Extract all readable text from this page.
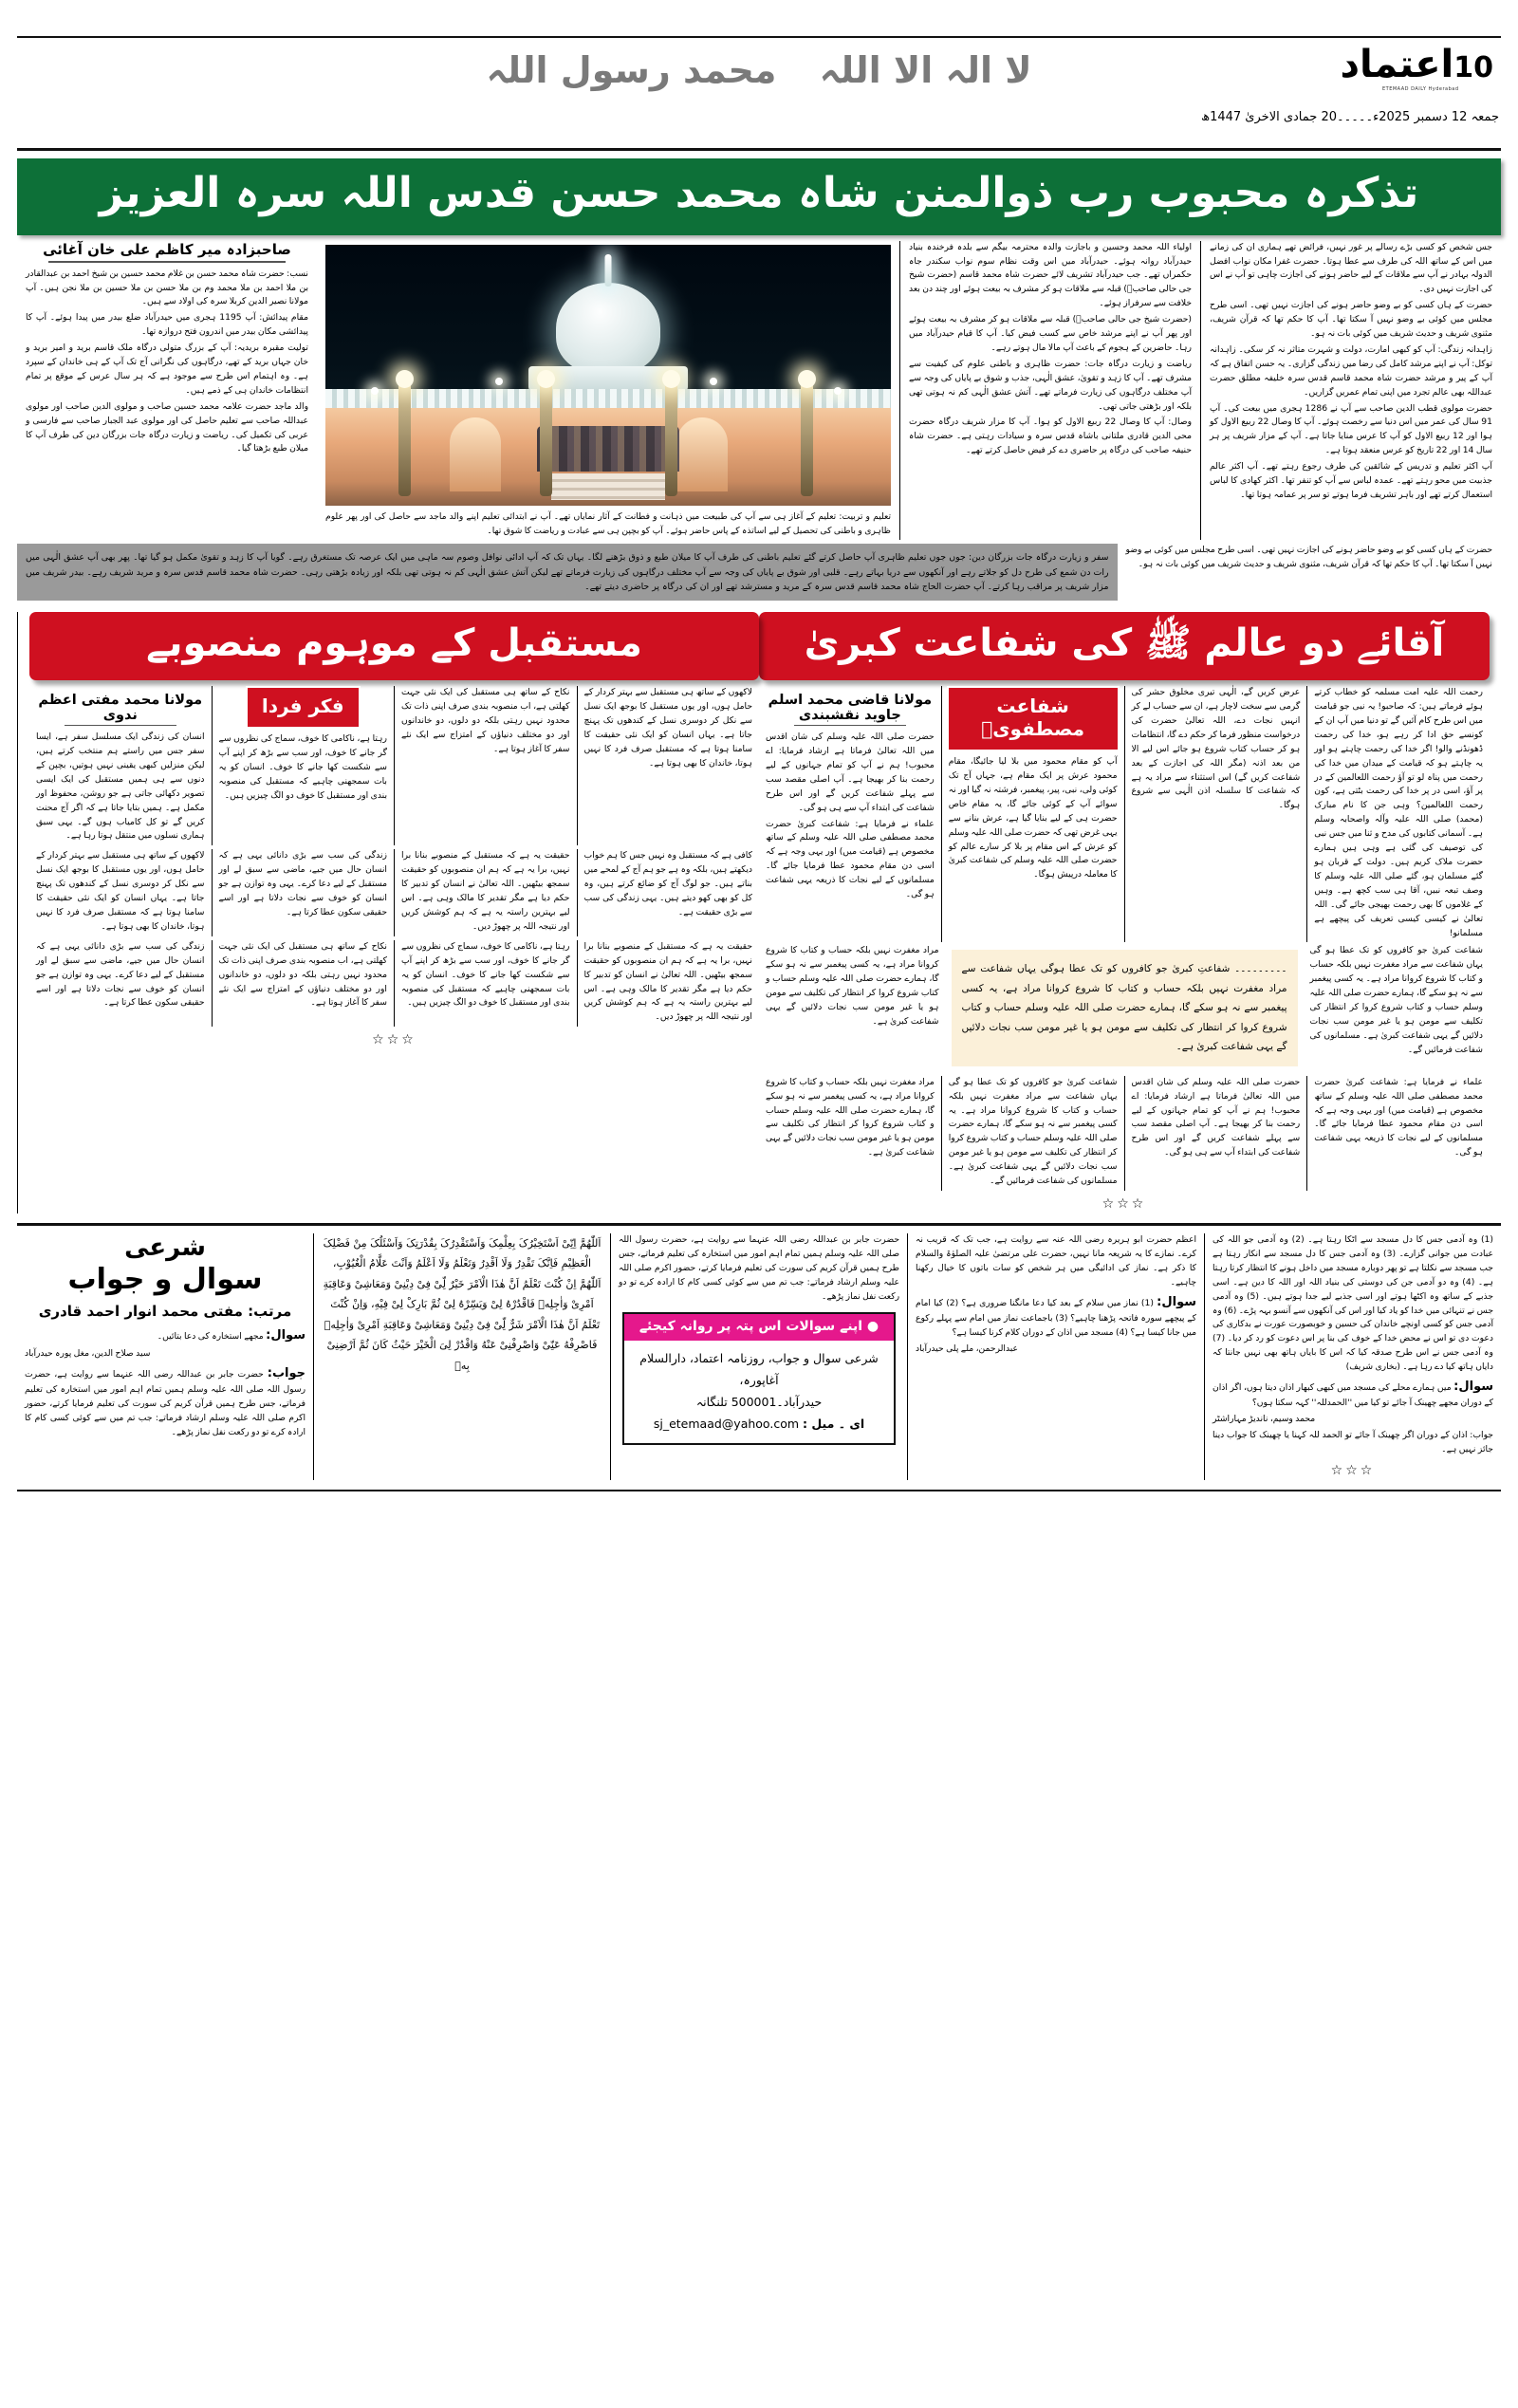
10اعتماد
ETEMAAD DAILY Hyderabad
لا الہ الا اللہ محمد رسول اللہ
جمعہ 12 دسمبر 2025ء۔۔۔۔۔20 جمادی الاخریٰ 1447ھ
تذکرہ محبوب رب ذوالمنن شاہ محمد حسن قدس اللہ سرہ العزیز

جس شخص کو کسی بڑے رسالے پر غور نہیں، فرائض تھے ہماری ان کی زمانے میں اس کے ساتھ اللہ کی طرف سے عطا ہوتا۔ حضرت غفرا مکان نواب افضل الدولہ بہادر نے آپ سے ملاقات کے لیے حاضر ہونے کی اجازت چاہی تو آپ نے اس کی اجازت نہیں دی۔

حضرت کے ہاں کسی کو بے وضو حاضر ہونے کی اجازت نہیں تھی۔ اسی طرح مجلس میں کوئی بے وضو نہیں آ سکتا تھا۔ آپ کا حکم تھا کہ قرآن شریف، مثنوی شریف و حدیث شریف میں کوئی بات نہ ہو۔

زاہدانہ زندگی: آپ کو کبھی امارت، دولت و شہرت متاثر نہ کر سکی۔ زاہدانہ توکل: آپ نے اپنے مرشد کامل کی رضا میں زندگی گزاری۔ یہ حسن اتفاق ہے کہ آپ کے پیر و مرشد حضرت شاہ محمد قاسم قدس سرہ خلیفہ مطلق حضرت عبداللہ بھی عالم تجرد میں اپنی تمام عمریں گزاریں۔

حضرت مولوی قطب الدین صاحب سے آپ نے 1286 ہجری میں بیعت کی۔ آپ 91 سال کی عمر میں اس دنیا سے رخصت ہوئے۔ آپ کا وصال 22 ربیع الاول کو ہوا اور 12 ربیع الاول کو آپ کا عرس منایا جاتا ہے۔ آپ کے مزار شریف پر ہر سال 14 اور 22 تاریخ کو عرس منعقد ہوتا ہے۔

آپ اکثر تعلیم و تدریس کے شائقین کی طرف رجوع رہتے تھے۔ آپ اکثر عالم جذبیت میں محو رہتے تھے۔ عمدہ لباس سے آپ کو تنفر تھا۔ اکثر کھادی کا لباس استعمال کرتے تھے اور باہر تشریف فرما ہوتے تو سر پر عمامہ ہوتا تھا۔

اولیاء اللہ محمد وحسین و باجازت والدہ محترمہ بیگم سے بلدہ فرخندہ بنیاد حیدرآباد روانہ ہوئے۔ حیدرآباد میں اس وقت نظام سوم نواب سکندر جاہ حکمراں تھے۔ جب حیدرآباد تشریف لائے حضرت شاہ محمد قاسم (حضرت شیخ جی حالی صاحبؒ) قبلہ سے ملاقات ہو کر مشرف بہ بیعت ہوئے اور چند دن بعد خلافت سے سرفراز ہوئے۔

(حضرت شیخ جی حالی صاحبؒ) قبلہ سے ملاقات ہو کر مشرف بہ بیعت ہوئے اور پھر آپ نے اپنے مرشد خاص سے کسب فیض کیا۔ آپ کا قیام حیدرآباد میں رہا۔ حاضرین کے ہجوم کے باعث آپ مالا مال ہوتے رہے۔

ریاضت و زیارت درگاہ جات: حضرت ظاہری و باطنی علوم کی کیفیت سے مشرف تھے۔ آپ کا زہد و تقویٰ، عشق الٰہی، جذب و شوق بے پایاں کی وجہ سے آپ مختلف درگاہوں کی زیارت فرماتے تھے۔ آتش عشق الٰہی کم نہ ہوتی تھی بلکہ اور بڑھتی جاتی تھی۔

وصال: آپ کا وصال 22 ربیع الاول کو ہوا۔ آپ کا مزار شریف درگاہ حضرت محی الدین قادری ملتانی باشاہ قدس سرہ و سیادات رہتی ہے۔ حضرت شاہ حنیفہ صاحب کی درگاہ پر حاضری دے کر فیض حاصل کرتے تھے۔

تعلیم و تربیت: تعلیم کے آغاز ہی سے آپ کی طبیعت میں ذہانت و فطانت کے آثار نمایاں تھے۔ آپ نے ابتدائی تعلیم اپنے والد ماجد سے حاصل کی اور پھر علوم ظاہری و باطنی کی تحصیل کے لیے اساتذہ کے پاس حاضر ہوئے۔ آپ کو بچپن ہی سے عبادت و ریاضت کا شوق تھا۔

صاحبزادہ میر کاظم علی خان آغائی

نسب: حضرت شاہ محمد حسن بن غلام محمد حسین بن شیخ احمد بن عبدالقادر بن ملا احمد بن ملا محمد وم بن ملا حسن بن ملا حسین بن ملا نجن ہیں۔ آپ مولانا نصیر الدین کربلا سرہ کی اولاد سے ہیں۔

مقام پیدائش: آپ 1195 ہجری میں حیدرآباد ضلع بیدر میں پیدا ہوئے۔ آپ کا پیدائشی مکان بیدر میں اندرون فتح دروازہ تھا۔

تولیت مقبرہ بریدیہ: آپ کے بزرگ متولی درگاہ ملک قاسم برید و امیر برید و خان جہاں برید کے تھے، درگاہوں کی نگرانی آج تک آپ کے ہی خاندان کے سپرد ہے۔ وہ اہتمام اس طرح سے موجود ہے کہ ہر سال عرس کے موقع پر تمام انتظامات خاندان ہی کے ذمے ہیں۔

والد ماجد حضرت علامہ محمد حسین صاحب و مولوی الدین صاحب اور مولوی عبداللہ صاحب سے تعلیم حاصل کی اور مولوی عبد الجبار صاحب سے فارسی و عربی کی تکمیل کی۔ ریاضت و زیارت درگاہ جات بزرگان دین کی طرف آپ کا میلان طبع بڑھتا گیا۔

حضرت کے ہاں کسی کو بے وضو حاضر ہونے کی اجازت نہیں تھی۔ اسی طرح مجلس میں کوئی بے وضو نہیں آ سکتا تھا۔ آپ کا حکم تھا کہ قرآن شریف، مثنوی شریف و حدیث شریف میں کوئی بات نہ ہو۔

سفر و زیارت درگاہ جات بزرگان دین: جوں جوں تعلیم ظاہری آپ حاصل کرتے گئے تعلیم باطنی کی طرف آپ کا میلان طبع و ذوق بڑھنے لگا۔ یہاں تک کہ آپ ادائی نوافل وصوم سہ ماہی میں ایک عرصہ تک مستغرق رہے۔ گویا آپ کا زہد و تقویٰ مکمل ہو گیا تھا۔ پھر بھی آپ عشق الٰہی میں رات دن شمع کی طرح دل کو جلاتے رہے اور آنکھوں سے دریا بہاتے رہے۔ قلبی اور شوق بے پایاں کی وجہ سے آپ مختلف درگاہوں کی زیارت فرماتے تھے لیکن آتش عشق الٰہی کم نہ ہوتی تھی بلکہ اور زیادہ بڑھتی رہی۔ حضرت شاہ محمد قاسم قدس سرہ و مرید شریف رہے۔ بیدر شریف میں مزار شریف پر مراقب رہا کرتے۔ آپ حضرت الحاج شاہ محمد قاسم قدس سرہ کے مرید و مسترشد تھے اور ان کی درگاہ پر حاضری دیتے تھے۔
آقائے دو عالم ﷺ کی شفاعت کبریٰ

رحمت اللہ علیہ امت مسلمہ کو خطاب کرتے ہوئے فرماتے ہیں: کہ صاحبو! یہ نبی جو قیامت میں اس طرح کام آئیں گے تو دنیا میں آپ ان کے کونسے حق ادا کر رہے ہو، خدا کی رحمت ڈھونڈنے والو! اگر خدا کی رحمت چاہتے ہو اور یہ چاہتے ہو کہ قیامت کے میدان میں خدا کی رحمت میں پناہ لو تو آؤ رحمت اللعالمین کے در پر آؤ، اسی در پر خدا کی رحمت بٹتی ہے، کون رحمت اللعالمین؟ وہی جن کا نام مبارک (محمد) صلی اللہ علیہ وآلہ واصحابہ وسلم ہے۔ آسمانی کتابوں کی مدح و ثنا میں جس نبی کی توصیف کی گئی ہے وہی ہیں ہمارے حضرت ملاک کریم ہیں۔ دولت کے قربان ہو گئے مسلمان ہو، گئے صلی اللہ علیہ وسلم کا وصف تبعہ نبیں، آقا ہی سب کچھ ہے۔ وہیں کے غلاموں کا بھی رحمت بھیجی جائے گی۔ اللہ تعالیٰ نے کیسی کیسی تعریف کی پیچھے ہے مسلمانو!

عرض کریں گے، الٰہی تیری مخلوق حشر کی گرمی سے سخت لاچار ہے، ان سے حساب لے کر انہیں نجات دے، اللہ تعالیٰ حضرت کی درخواست منظور فرما کر حکم دے گا، انتظامات ہو کر حساب کتاب شروع ہو جائے اس لیے الا من بعد اذنہ (مگر اللہ کی اجازت کے بعد شفاعت کریں گے) اس استثناء سے مراد یہ ہے کہ شفاعت کا سلسلہ اذن الٰہی سے شروع ہوگا۔

شفاعت مصطفویؐ

آپ کو مقام محمود میں بلا لیا جائیگا، مقام محمود عرش پر ایک مقام ہے، جہاں آج تک کوئی ولی، نبی، پیر، پیغمبر، فرشتہ نہ گیا اور نہ سوائے آپ کے کوئی جائے گا، یہ مقام خاص حضرت ہی کے لیے بنایا گیا ہے، عرش بنانے سے یہی غرض تھی کہ حضرت صلی اللہ علیہ وسلم کو عرش کے اس مقام پر بلا کر سارے عالم کو حضرت صلی اللہ علیہ وسلم کی شفاعت کبریٰ کا معاملہ درپیش ہوگا۔

مولانا قاضی محمد اسلم جاوید نقشبندی

حضرت صلی اللہ علیہ وسلم کی شان اقدس میں اللہ تعالیٰ فرماتا ہے ارشاد فرمایا: اے محبوب! ہم نے آپ کو تمام جہانوں کے لیے رحمت بنا کر بھیجا ہے۔ آپ اصلی مقصد سب سے پہلے شفاعت کریں گے اور اس طرح شفاعت کی ابتداء آپ سے ہی ہو گی۔

علماء نے فرمایا ہے: شفاعت کبریٰ حضرت محمد مصطفی صلی اللہ علیہ وسلم کے ساتھ مخصوص ہے (قیامت میں) اور یہی وجہ ہے کہ اسی دن مقام محمود عطا فرمایا جائے گا۔ مسلمانوں کے لیے نجات کا ذریعہ یہی شفاعت ہو گی۔

شفاعت کبریٰ جو کافروں کو تک عطا ہو گی یہاں شفاعت سے مراد مغفرت نہیں بلکہ حساب و کتاب کا شروع کروانا مراد ہے۔ یہ کسی پیغمبر سے نہ ہو سکے گا، ہمارے حضرت صلی اللہ علیہ وسلم حساب و کتاب شروع کروا کر انتظار کی تکلیف سے مومن ہو یا غیر مومن سب نجات دلائیں گے یہی شفاعت کبریٰ ہے۔ مسلمانوں کی شفاعت فرمائیں گے۔

۔۔۔۔۔۔۔۔۔ شفاعتِ کبریٰ جو کافروں کو تک عطا ہوگی یہاں شفاعت سے مراد مغفرت نہیں بلکہ حساب و کتاب کا شروع کروانا مراد ہے، یہ کسی پیغمبر سے نہ ہو سکے گا، ہمارے حضرت صلی اللہ علیہ وسلم حساب و کتاب شروع کروا کر انتظار کی تکلیف سے مومن ہو یا غیر مومن سب نجات دلائیں گے یہی شفاعت کبریٰ ہے۔

مراد مغفرت نہیں بلکہ حساب و کتاب کا شروع کروانا مراد ہے، یہ کسی پیغمبر سے نہ ہو سکے گا، ہمارے حضرت صلی اللہ علیہ وسلم حساب و کتاب شروع کروا کر انتظار کی تکلیف سے مومن ہو یا غیر مومن سب نجات دلائیں گے یہی شفاعت کبریٰ ہے۔

علماء نے فرمایا ہے: شفاعت کبریٰ حضرت محمد مصطفی صلی اللہ علیہ وسلم کے ساتھ مخصوص ہے (قیامت میں) اور یہی وجہ ہے کہ اسی دن مقام محمود عطا فرمایا جائے گا۔ مسلمانوں کے لیے نجات کا ذریعہ یہی شفاعت ہو گی۔

حضرت صلی اللہ علیہ وسلم کی شان اقدس میں اللہ تعالیٰ فرماتا ہے ارشاد فرمایا: اے محبوب! ہم نے آپ کو تمام جہانوں کے لیے رحمت بنا کر بھیجا ہے۔ آپ اصلی مقصد سب سے پہلے شفاعت کریں گے اور اس طرح شفاعت کی ابتداء آپ سے ہی ہو گی۔

شفاعت کبریٰ جو کافروں کو تک عطا ہو گی یہاں شفاعت سے مراد مغفرت نہیں بلکہ حساب و کتاب کا شروع کروانا مراد ہے۔ یہ کسی پیغمبر سے نہ ہو سکے گا، ہمارے حضرت صلی اللہ علیہ وسلم حساب و کتاب شروع کروا کر انتظار کی تکلیف سے مومن ہو یا غیر مومن سب نجات دلائیں گے یہی شفاعت کبریٰ ہے۔ مسلمانوں کی شفاعت فرمائیں گے۔

مراد مغفرت نہیں بلکہ حساب و کتاب کا شروع کروانا مراد ہے، یہ کسی پیغمبر سے نہ ہو سکے گا، ہمارے حضرت صلی اللہ علیہ وسلم حساب و کتاب شروع کروا کر انتظار کی تکلیف سے مومن ہو یا غیر مومن سب نجات دلائیں گے یہی شفاعت کبریٰ ہے۔

☆☆☆
مستقبل کے موہوم منصوبے

لاکھوں کے ساتھ ہی مستقبل سے بہتر کردار کے حامل ہوں، اور یوں مستقبل کا بوجھ ایک نسل سے نکل کر دوسری نسل کے کندھوں تک پہنچ جاتا ہے۔ یہاں انسان کو ایک نئی حقیقت کا سامنا ہوتا ہے کہ مستقبل صرف فرد کا نہیں ہوتا، خاندان کا بھی ہوتا ہے۔

نکاح کے ساتھ ہی مستقبل کی ایک نئی جہت کھلتی ہے، اب منصوبہ بندی صرف اپنی ذات تک محدود نہیں رہتی بلکہ دو دلوں، دو خاندانوں اور دو مختلف دنیاؤں کے امتزاج سے ایک نئے سفر کا آغاز ہوتا ہے۔

فکر فردا

رہتا ہے، ناکامی کا خوف، سماج کی نظروں سے گر جانے کا خوف، اور سب سے بڑھ کر اپنے آپ سے شکست کھا جانے کا خوف۔ انسان کو یہ بات سمجھنی چاہیے کہ مستقبل کی منصوبہ بندی اور مستقبل کا خوف دو الگ چیزیں ہیں۔

مولانا محمد مفتی اعظم ندوی

انسان کی زندگی ایک مسلسل سفر ہے، ایسا سفر جس میں راستے ہم منتخب کرتے ہیں، لیکن منزلیں کبھی یقینی نہیں ہوتیں، بچپن کے دنوں سے ہی ہمیں مستقبل کی ایک ایسی تصویر دکھائی جاتی ہے جو روشن، محفوظ اور مکمل ہے۔ ہمیں بتایا جاتا ہے کہ اگر آج محنت کریں گے تو کل کامیاب ہوں گے۔ یہی سبق ہماری نسلوں میں منتقل ہوتا رہا ہے۔

کافی ہے کہ مستقبل وہ نہیں جس کا ہم خواب دیکھتے ہیں، بلکہ وہ ہے جو ہم آج کے لمحے میں بناتے ہیں۔ جو لوگ آج کو ضائع کرتے ہیں، وہ کل کو بھی کھو دیتے ہیں۔ یہی زندگی کی سب سے بڑی حقیقت ہے۔

حقیقت یہ ہے کہ مستقبل کے منصوبے بنانا برا نہیں، برا یہ ہے کہ ہم ان منصوبوں کو حقیقت سمجھ بیٹھیں۔ اللہ تعالیٰ نے انسان کو تدبیر کا حکم دیا ہے مگر تقدیر کا مالک وہی ہے۔ اس لیے بہترین راستہ یہ ہے کہ ہم کوشش کریں اور نتیجہ اللہ پر چھوڑ دیں۔

زندگی کی سب سے بڑی دانائی یہی ہے کہ انسان حال میں جیے، ماضی سے سبق لے اور مستقبل کے لیے دعا کرے۔ یہی وہ توازن ہے جو انسان کو خوف سے نجات دلاتا ہے اور اسے حقیقی سکون عطا کرتا ہے۔

لاکھوں کے ساتھ ہی مستقبل سے بہتر کردار کے حامل ہوں، اور یوں مستقبل کا بوجھ ایک نسل سے نکل کر دوسری نسل کے کندھوں تک پہنچ جاتا ہے۔ یہاں انسان کو ایک نئی حقیقت کا سامنا ہوتا ہے کہ مستقبل صرف فرد کا نہیں ہوتا، خاندان کا بھی ہوتا ہے۔

حقیقت یہ ہے کہ مستقبل کے منصوبے بنانا برا نہیں، برا یہ ہے کہ ہم ان منصوبوں کو حقیقت سمجھ بیٹھیں۔ اللہ تعالیٰ نے انسان کو تدبیر کا حکم دیا ہے مگر تقدیر کا مالک وہی ہے۔ اس لیے بہترین راستہ یہ ہے کہ ہم کوشش کریں اور نتیجہ اللہ پر چھوڑ دیں۔

رہتا ہے، ناکامی کا خوف، سماج کی نظروں سے گر جانے کا خوف، اور سب سے بڑھ کر اپنے آپ سے شکست کھا جانے کا خوف۔ انسان کو یہ بات سمجھنی چاہیے کہ مستقبل کی منصوبہ بندی اور مستقبل کا خوف دو الگ چیزیں ہیں۔

نکاح کے ساتھ ہی مستقبل کی ایک نئی جہت کھلتی ہے، اب منصوبہ بندی صرف اپنی ذات تک محدود نہیں رہتی بلکہ دو دلوں، دو خاندانوں اور دو مختلف دنیاؤں کے امتزاج سے ایک نئے سفر کا آغاز ہوتا ہے۔

زندگی کی سب سے بڑی دانائی یہی ہے کہ انسان حال میں جیے، ماضی سے سبق لے اور مستقبل کے لیے دعا کرے۔ یہی وہ توازن ہے جو انسان کو خوف سے نجات دلاتا ہے اور اسے حقیقی سکون عطا کرتا ہے۔

☆☆☆

(1) وہ آدمی جس کا دل مسجد سے اٹکا رہتا ہے۔ (2) وہ آدمی جو اللہ کی عبادت میں جوانی گزارے۔ (3) وہ آدمی جس کا دل مسجد سے انکار رہتا ہے جب مسجد سے نکلتا ہے تو پھر دوبارہ مسجد میں داخل ہونے کا انتظار کرتا رہتا ہے۔ (4) وہ دو آدمی جن کی دوستی کی بنیاد اللہ اور اللہ کا دین ہے۔ اسی جذبے کے ساتھ وہ اکٹھا ہوتے اور اسی جذبے لیے جدا ہوتے ہیں۔ (5) وہ آدمی جس نے تنہائی میں خدا کو یاد کیا اور اس کی آنکھوں سے آنسو بہہ پڑے۔ (6) وہ آدمی جس کو کسی اونچے خاندان کی حسین و خوبصورت عورت نے بدکاری کی دعوت دی تو اس نے محض خدا کے خوف کی بنا پر اس دعوت کو رد کر دیا۔ (7) وہ آدمی جس نے اس طرح صدقہ کیا کہ اس کا بایاں ہاتھ بھی نہیں جانتا کہ دایاں ہاتھ کیا دے رہا ہے۔ (بخاری شریف)

سوال: میں ہمارے محلے کی مسجد میں کبھی کبھار اذان دیتا ہوں، اگر اذان کے دوران مجھے چھینک آ جائے تو کیا میں ''الحمدللہ'' کہہ سکتا ہوں؟

محمد وسیم، ناندیڑ مہاراشٹر

جواب: اذان کے دوران اگر چھینک آ جائے تو الحمد للہ کہنا یا چھینک کا جواب دینا جائز نہیں ہے۔

☆☆☆

اعظم حضرت ابو ہریرہ رضی اللہ عنہ سے روایت ہے، جب تک کہ قریب نہ کرے۔ نمازے کا یہ شریعہ مانا نہیں، حضرت علی مرتضیٰ علیہ الصلوٰۃ والسلام کا ذکر ہے۔ نماز کی ادائیگی میں ہر شخص کو سات باتوں کا خیال رکھنا چاہیے۔

سوال: (1) نماز میں سلام کے بعد کیا دعا مانگنا ضروری ہے؟ (2) کیا امام کے پیچھے سورہ فاتحہ پڑھنا چاہیے؟ (3) باجماعت نماز میں امام سے پہلے رکوع میں جانا کیسا ہے؟ (4) مسجد میں اذان کے دوران کلام کرنا کیسا ہے؟

عبدالرحمن، ملے پلی حیدرآباد

حضرت جابر بن عبداللہ رضی اللہ عنہما سے روایت ہے، حضرت رسول اللہ صلی اللہ علیہ وسلم ہمیں تمام اہم امور میں استخارہ کی تعلیم فرماتے، جس طرح ہمیں قرآن کریم کی سورت کی تعلیم فرمایا کرتے، حضور اکرم صلی اللہ علیہ وسلم ارشاد فرماتے: جب تم میں سے کوئی کسی کام کا ارادہ کرے تو دو رکعت نفل نماز پڑھے۔

● اپنے سوالات اس پتہ پر روانہ کیجئے
شرعی سوال و جواب، روزنامہ اعتماد، دارالسلام آغاپورہ،
حیدرآباد۔500001 تلنگانہ
ای ۔ میل : sj_etemaad@yahoo.com
اَللّٰهُمَّ اِنِّیْ اَسْتَخِیْرُکَ بِعِلْمِکَ وَاَسْتَقْدِرُکَ بِقُدْرَتِکَ وَاَسْئَلُکَ مِنْ فَضْلِکَ الْعَظِیْمِ فَاِنَّکَ تَقْدِرُ وَلَا اَقْدِرُ وَتَعْلَمُ وَلَا اَعْلَمُ وَاَنْتَ عَلَّامُ الْغُیُوْبِ، اَللّٰهُمَّ اِنْ کُنْتَ تَعْلَمُ اَنَّ هٰذَا الْاَمْرَ خَیْرٌ لِّیْ فِیْ دِیْنِیْ وَمَعَاشِیْ وَعَاقِبَةِ اَمْرِیْ وَاٰجِلِهٖ فَاقْدُرْهُ لِیْ وَیَسِّرْهُ لِیْ ثُمَّ بَارِکْ لِیْ فِیْهِ، وَاِنْ کُنْتَ تَعْلَمُ اَنَّ هٰذَا الْاَمْرَ شَرٌّ لِّیْ فِیْ دِیْنِیْ وَمَعَاشِیْ وَعَاقِبَةِ اَمْرِیْ وَاٰجِلِهٖ فَاصْرِفْهُ عَنِّیْ وَاصْرِفْنِیْ عَنْهُ وَاقْدُرْ لِیَ الْخَیْرَ حَیْثُ کَانَ ثُمَّ اَرْضِنِیْ بِهٖ
شرعی
سوال و جواب
مرتب: مفتی محمد انوار احمد قادری

سوال: مجھے استخارہ کی دعا بتائیں۔

سید صلاح الدین، مغل پورہ حیدرآباد

جواب: حضرت جابر بن عبداللہ رضی اللہ عنہما سے روایت ہے، حضرت رسول اللہ صلی اللہ علیہ وسلم ہمیں تمام اہم امور میں استخارہ کی تعلیم فرماتے، جس طرح ہمیں قرآن کریم کی سورت کی تعلیم فرمایا کرتے، حضور اکرم صلی اللہ علیہ وسلم ارشاد فرماتے: جب تم میں سے کوئی کسی کام کا ارادہ کرے تو دو رکعت نفل نماز پڑھے۔
